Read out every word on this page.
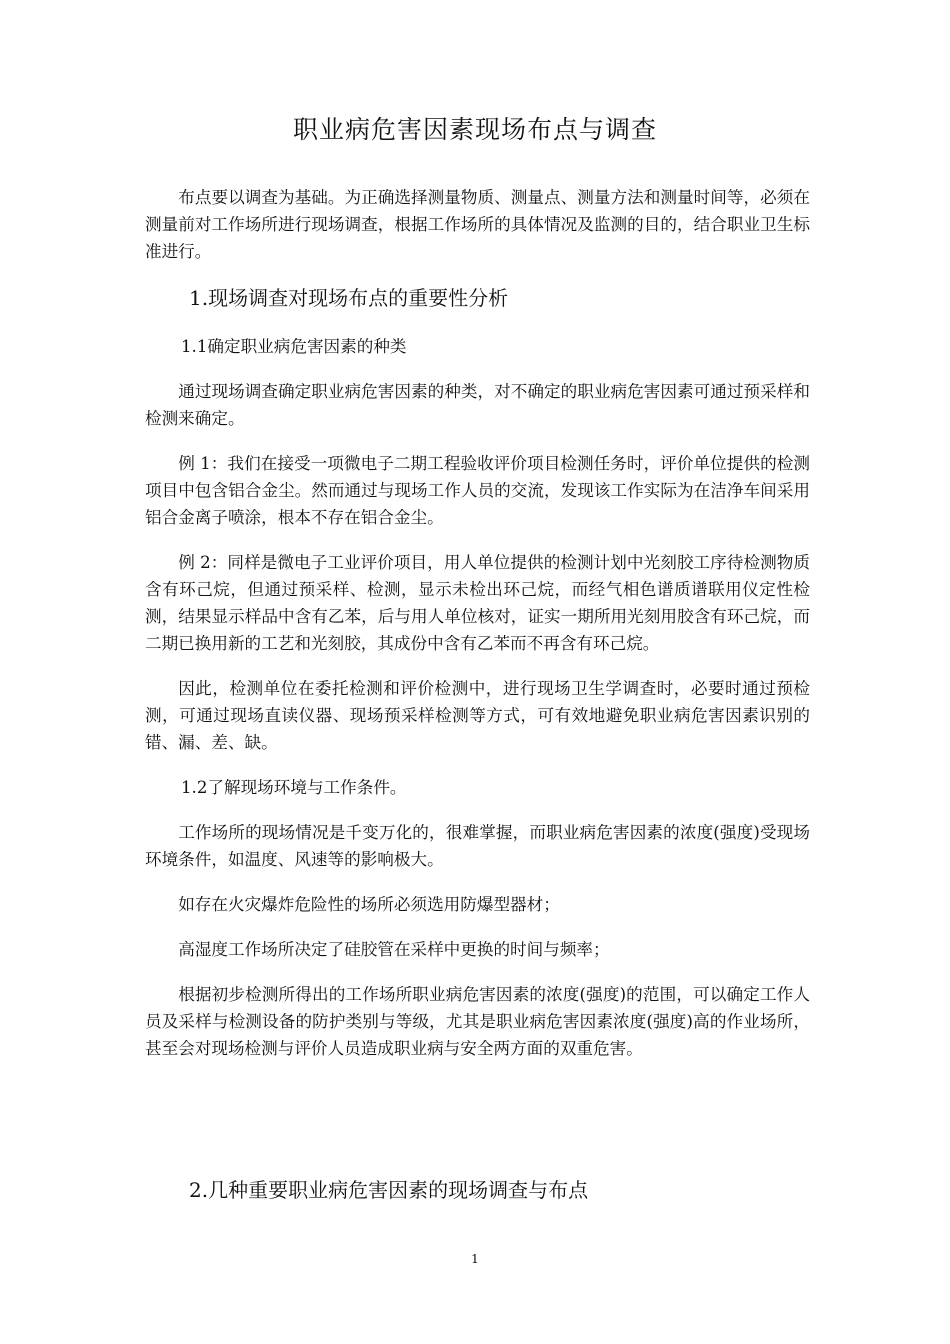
职业病危害因素现场布点与调查

布点要以调查为基础。为正确选择测量物质、测量点、测量方法和测量时间等，必须在测量前对工作场所进行现场调查，根据工作场所的具体情况及监测的目的，结合职业卫生标准进行。

1.现场调查对现场布点的重要性分析
1.1确定职业病危害因素的种类

通过现场调查确定职业病危害因素的种类，对不确定的职业病危害因素可通过预采样和检测来确定。

例 1：我们在接受一项微电子二期工程验收评价项目检测任务时，评价单位提供的检测项目中包含铝合金尘。然而通过与现场工作人员的交流，发现该工作实际为在洁净车间采用铝合金离子喷涂，根本不存在铝合金尘。

例 2：同样是微电子工业评价项目，用人单位提供的检测计划中光刻胶工序待检测物质含有环己烷，但通过预采样、检测，显示未检出环己烷，而经气相色谱质谱联用仪定性检测，结果显示样品中含有乙苯，后与用人单位核对，证实一期所用光刻用胶含有环己烷，而二期已换用新的工艺和光刻胶，其成份中含有乙苯而不再含有环己烷。

因此，检测单位在委托检测和评价检测中，进行现场卫生学调查时，必要时通过预检测，可通过现场直读仪器、现场预采样检测等方式，可有效地避免职业病危害因素识别的错、漏、差、缺。

1.2了解现场环境与工作条件。

工作场所的现场情况是千变万化的，很难掌握，而职业病危害因素的浓度(强度)受现场环境条件，如温度、风速等的影响极大。

如存在火灾爆炸危险性的场所必须选用防爆型器材；

高湿度工作场所决定了硅胶管在采样中更换的时间与频率；

根据初步检测所得出的工作场所职业病危害因素的浓度(强度)的范围，可以确定工作人员及采样与检测设备的防护类别与等级，尤其是职业病危害因素浓度(强度)高的作业场所，甚至会对现场检测与评价人员造成职业病与安全两方面的双重危害。

2.几种重要职业病危害因素的现场调查与布点
1
